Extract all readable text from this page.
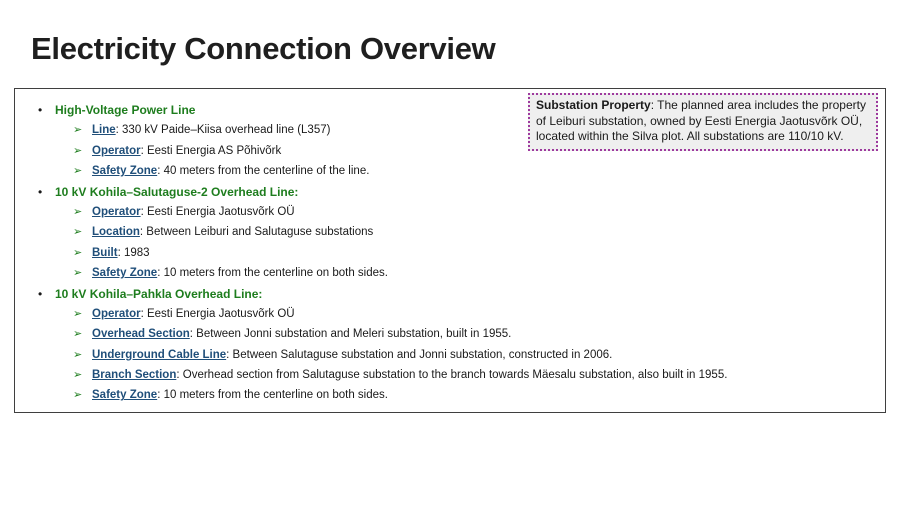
Electricity Connection Overview
•	High-Voltage Power Line
➢ Line : 330 kV Paide–Kiisa overhead line (L357)
➢ Operator : Eesti Energia AS Põhivõrk
➢ Safety Zone : 40 meters from the centerline of the line.
•	10 kV Kohila–Salutaguse-2 Overhead Line:
➢ Operator : Eesti Energia Jaotusvõrk OÜ
➢ Location : Between Leiburi and Salutaguse substations
➢ Built : 1983
➢ Safety Zone : 10 meters from the centerline on both sides.
•	10 kV Kohila–Pahkla Overhead Line:
➢ Operator : Eesti Energia Jaotusvõrk OÜ
➢ Overhead Section : Between Jonni substation and Meleri substation, built in 1955.
➢ Underground Cable Line : Between Salutaguse substation and Jonni substation, constructed in 2006.
➢ Branch Section : Overhead section from Salutaguse substation to the branch towards Mäesalu substation, also built in 1955.
➢ Safety Zone : 10 meters from the centerline on both sides.
Substation Property: The planned area includes the property of Leiburi substation, owned by Eesti Energia Jaotusvõrk OÜ, located within the Silva plot. All substations are 110/10 kV.
